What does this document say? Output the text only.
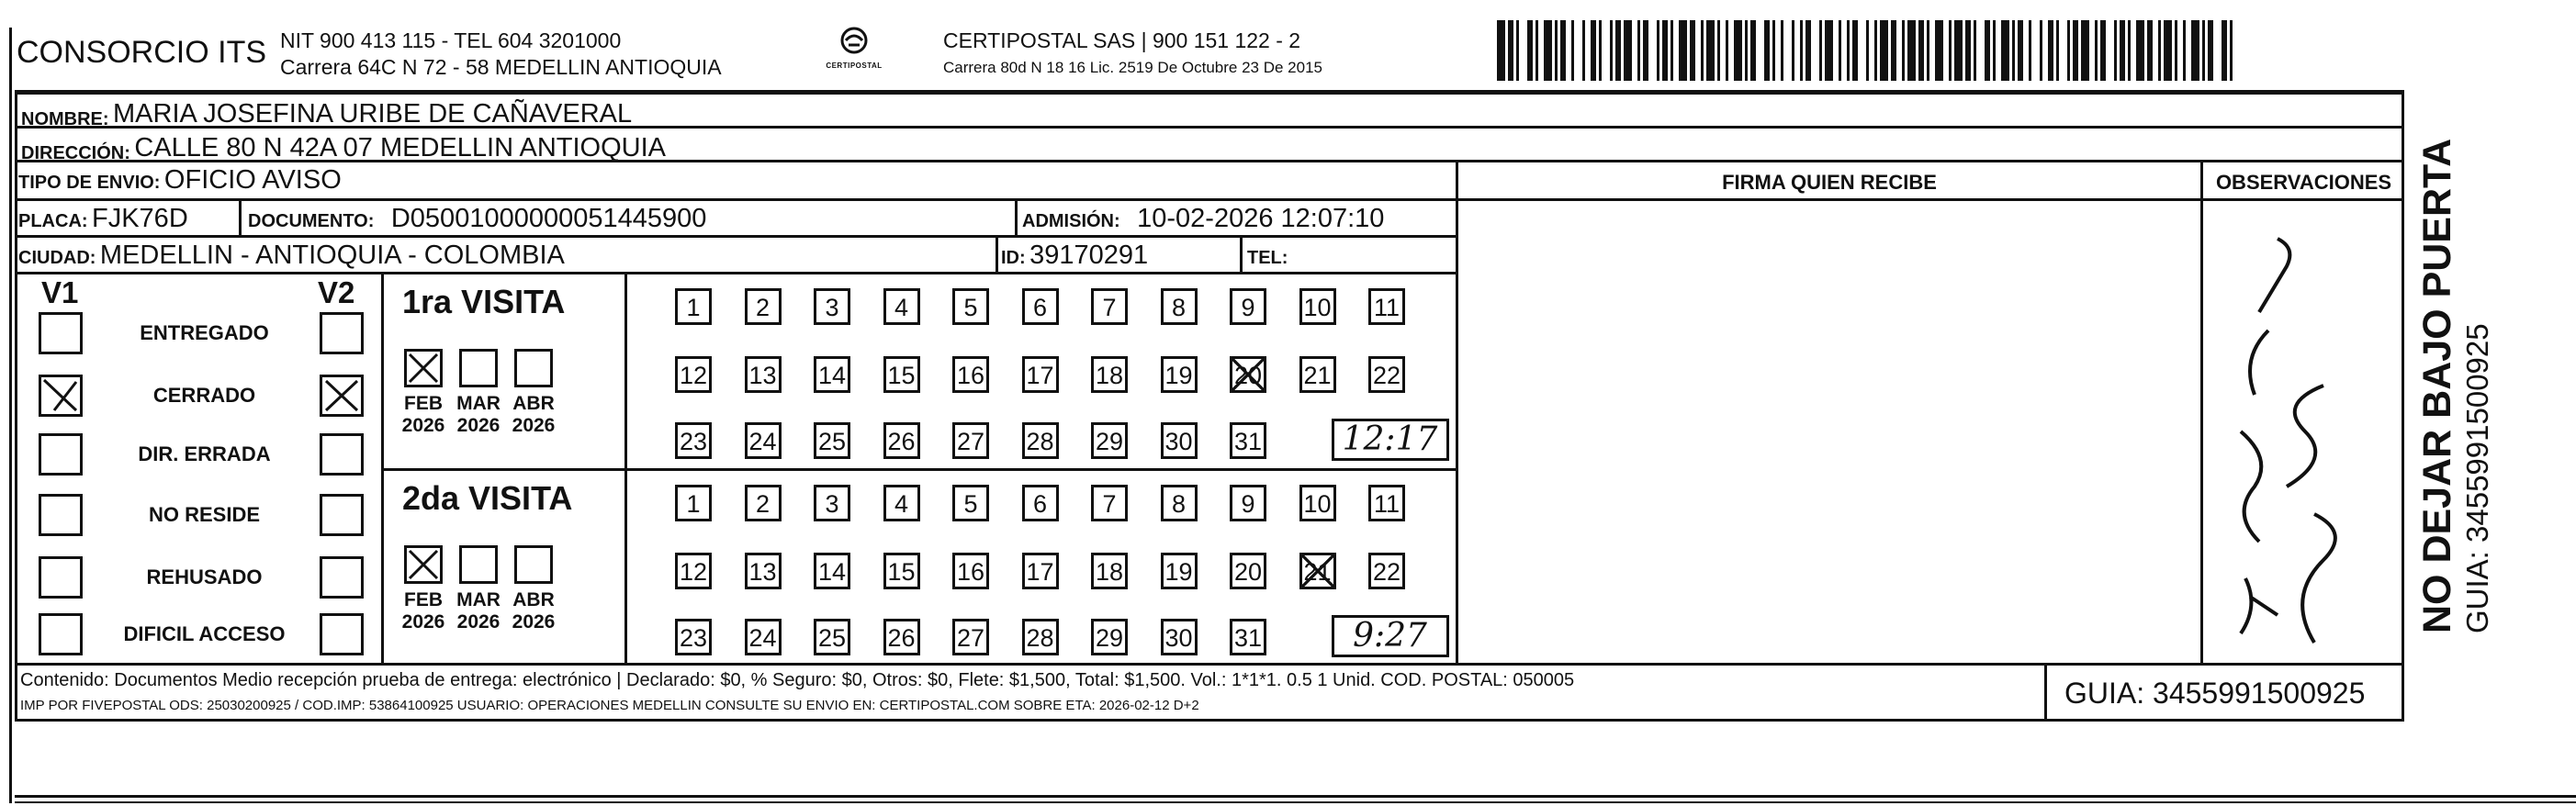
CONSORCIO ITS NIT 900 413 115 - TEL 604 3201000
Carrera 64C N 72 - 58 MEDELLIN ANTIOQUIA	CERTIPOSTAL
CERTIPOSTAL SAS | 900 151 122 - 2
Carrera 80d N 18 16 Lic. 2519 De Octubre 23 De 2015
NOMBRE: MARIA JOSEFINA URIBE DE CAÑAVERAL
DIRECCIÓN: CALLE 80 N 42A 07 MEDELLIN ANTIOQUIA
TIPO DE ENVIO: OFICIO AVISO
PLACA: FJK76D	DOCUMENTO: D05001000000051445900	ADMISIÓN: 10-02-2026 12:07:10
CIUDAD: MEDELLIN - ANTIOQUIA - COLOMBIA	ID: 39170291	TEL:
FIRMA QUIEN RECIBE	OBSERVACIONES
V1	V2
ENTREGADO
CERRADO
DIR. ERRADA
NO RESIDE
REHUSADO
DIFICIL ACCESO
1ra VISITA
FEB
2026
MAR
2026
ABR
2026
1	2	3	4	5	6	7	8	9	10 11
12 13 14 15 16 17 18 19 20 21 22
23 24 25 26 27 28 29 30 31	12:17
2da VISITA
FEB
2026
MAR
2026
ABR
2026
1	2	3	4	5	6	7	8	9	10 11
12 13 14 15 16 17 18 19 20 21 22
23 24 25 26 27 28 29 30 31	9:27
Contenido: Documentos Medio recepción prueba de entrega: electrónico | Declarado: $0, % Seguro: $0, Otros: $0, Flete: $1,500, Total: $1,500. Vol.: 1*1*1. 0.5 1 Unid. COD. POSTAL: 050005
IMP POR FIVEPOSTAL ODS: 25030200925 / COD.IMP: 53864100925 USUARIO: OPERACIONES MEDELLIN CONSULTE SU ENVIO EN: CERTIPOSTAL.COM SOBRE ETA: 2026-02-12 D+2	GUIA: 3455991500925
NO DEJAR BAJO PUERTA GUIA: 3455991500925
